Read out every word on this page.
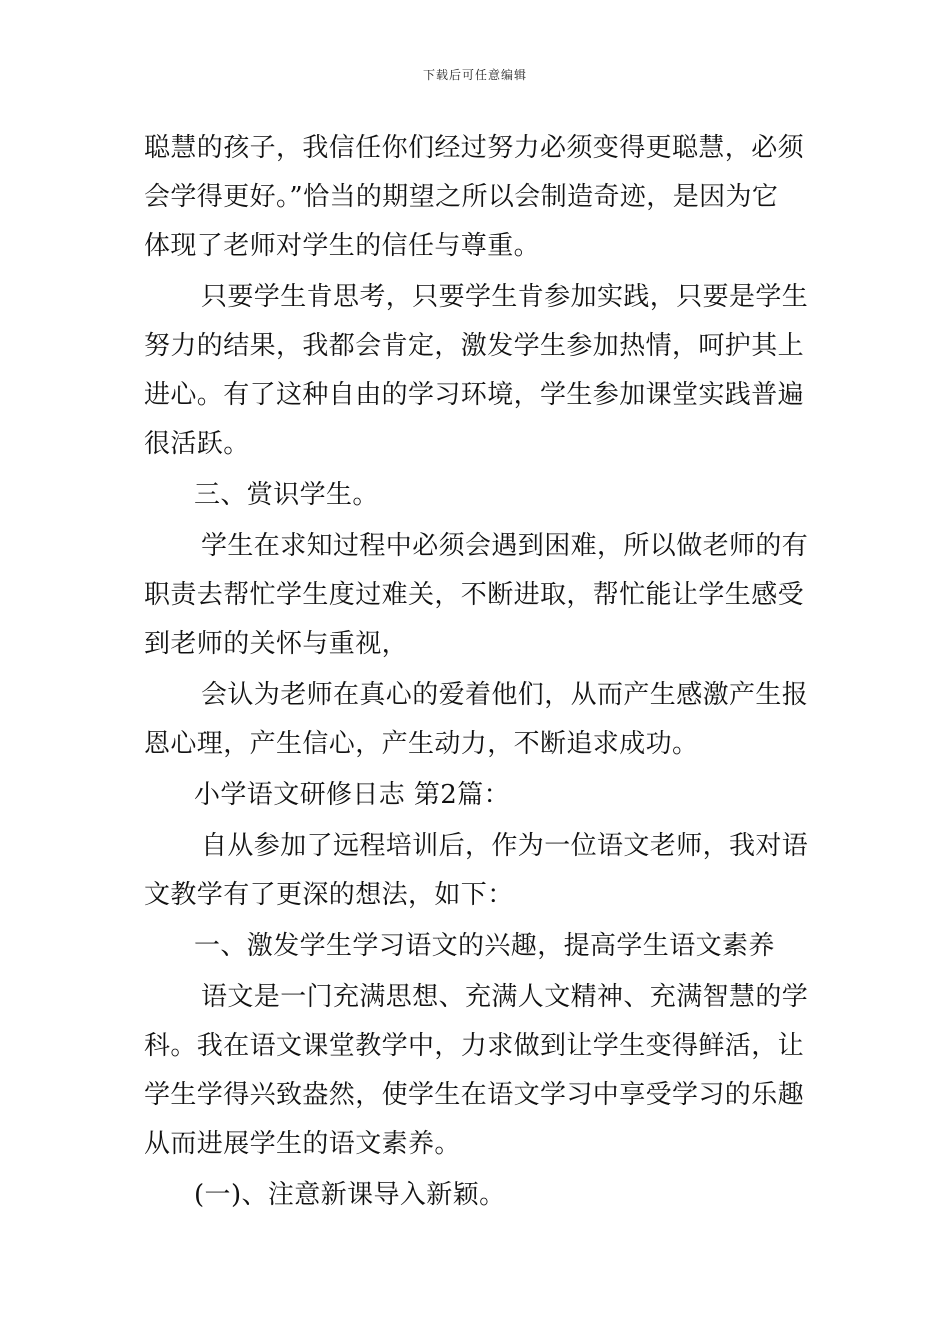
下载后可任意编辑
聪慧的孩子，我信任你们经过努力必须变得更聪慧，必须
会学得更好。”恰当的期望之所以会制造奇迹，是因为它
体现了老师对学生的信任与尊重。
只要学生肯思考，只要学生肯参加实践，只要是学生
努力的结果，我都会肯定，激发学生参加热情，呵护其上
进心。有了这种自由的学习环境，学生参加课堂实践普遍
很活跃。
三、赏识学生。
学生在求知过程中必须会遇到困难，所以做老师的有
职责去帮忙学生度过难关，不断进取，帮忙能让学生感受
到老师的关怀与重视，
会认为老师在真心的爱着他们，从而产生感激产生报
恩心理，产生信心，产生动力，不断追求成功。
小学语文研修日志 第2篇：
自从参加了远程培训后，作为一位语文老师，我对语
文教学有了更深的想法，如下：
一、激发学生学习语文的兴趣，提高学生语文素养
语文是一门充满思想、充满人文精神、充满智慧的学
科。我在语文课堂教学中，力求做到让学生变得鲜活，让
学生学得兴致盎然，使学生在语文学习中享受学习的乐趣
从而进展学生的语文素养。
(一)、注意新课导入新颖。
